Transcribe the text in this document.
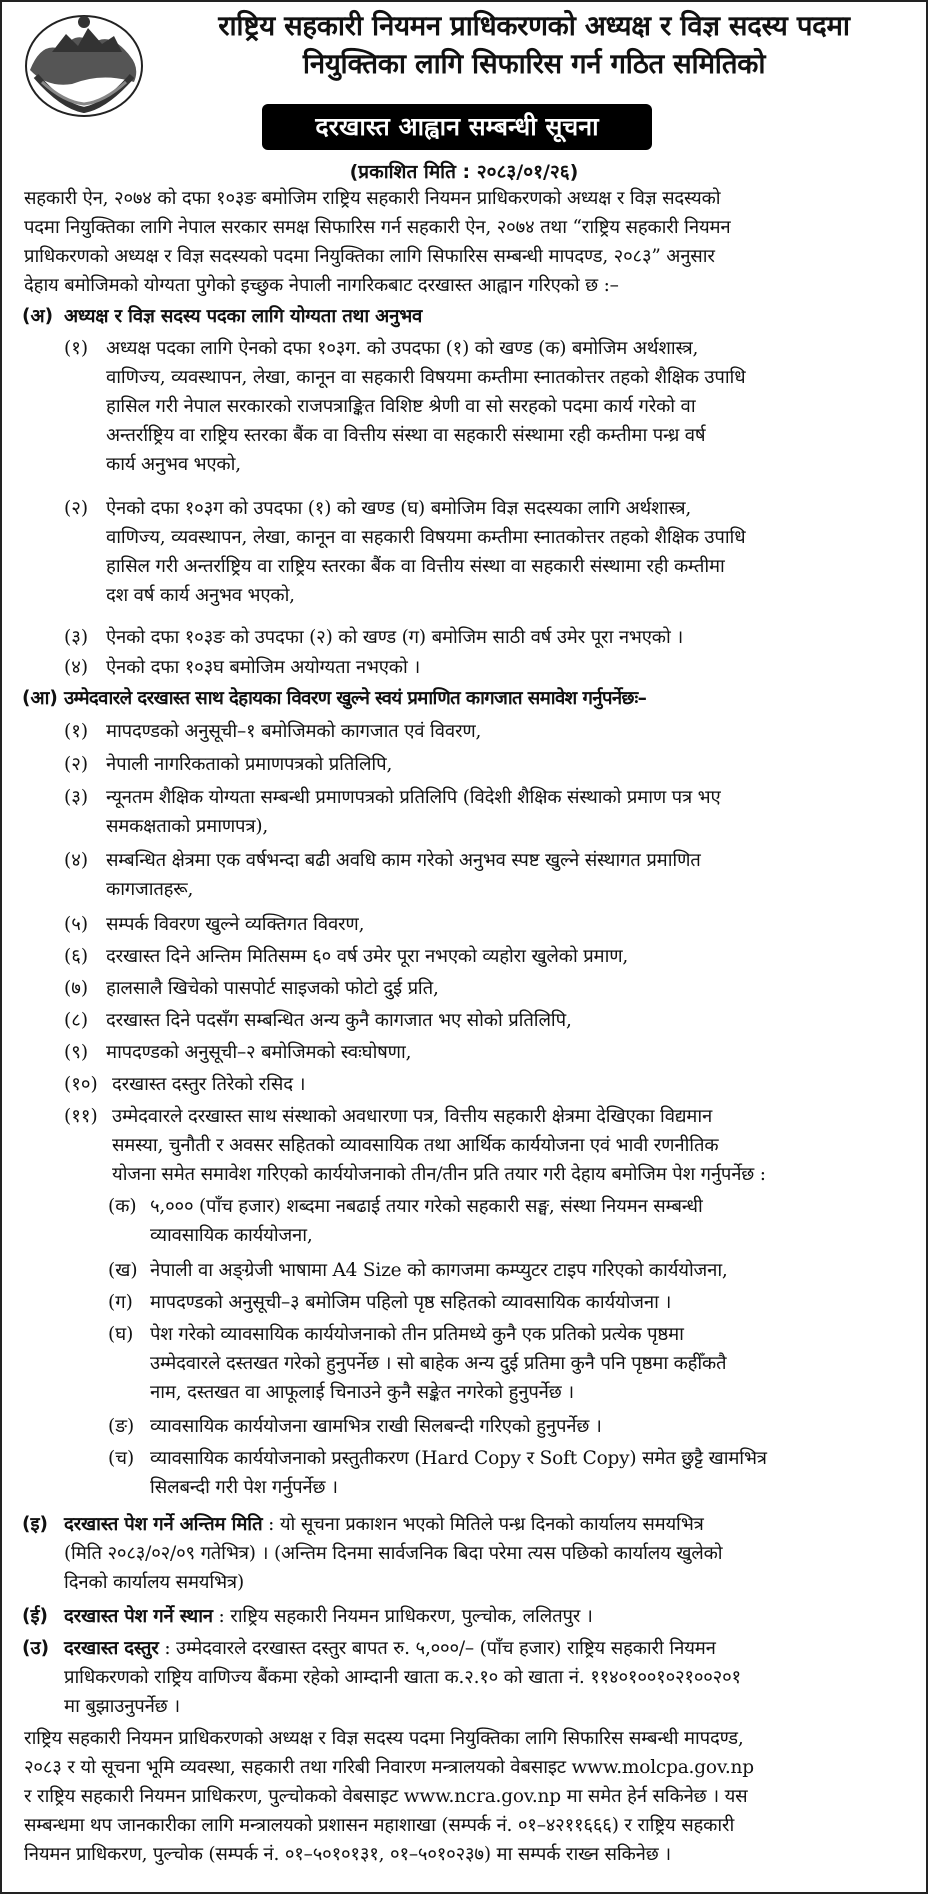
राष्ट्रिय सहकारी नियमन प्राधिकरणको अध्यक्ष र विज्ञ सदस्य पदमा
नियुक्तिका लागि सिफारिस गर्न गठित समितिको
दरखास्त आह्वान सम्बन्धी सूचना
(प्रकाशित मिति : २०८३/०१/२६)
सहकारी ऐन, २०७४ को दफा १०३ङ बमोजिम राष्ट्रिय सहकारी नियमन प्राधिकरणको अध्यक्ष र विज्ञ सदस्यको
पदमा नियुक्तिका लागि नेपाल सरकार समक्ष सिफारिस गर्न सहकारी ऐन, २०७४ तथा “राष्ट्रिय सहकारी नियमन
प्राधिकरणको अध्यक्ष र विज्ञ सदस्यको पदमा नियुक्तिका लागि सिफारिस सम्बन्धी मापदण्ड, २०८३” अनुसार
देहाय बमोजिमको योग्यता पुगेको इच्छुक नेपाली नागरिकबाट दरखास्त आह्वान गरिएको छ :–
(अ) अध्यक्ष र विज्ञ सदस्य पदका लागि योग्यता तथा अनुभव
(१) अध्यक्ष पदका लागि ऐनको दफा १०३ग. को उपदफा (१) को खण्ड (क) बमोजिम अर्थशास्त्र,
वाणिज्य, व्यवस्थापन, लेखा, कानून वा सहकारी विषयमा कम्तीमा स्नातकोत्तर तहको शैक्षिक उपाधि
हासिल गरी नेपाल सरकारको राजपत्राङ्कित विशिष्ट श्रेणी वा सो सरहको पदमा कार्य गरेको वा
अन्तर्राष्ट्रिय वा राष्ट्रिय स्तरका बैंक वा वित्तीय संस्था वा सहकारी संस्थामा रही कम्तीमा पन्ध्र वर्ष
कार्य अनुभव भएको,
(२) ऐनको दफा १०३ग को उपदफा (१) को खण्ड (घ) बमोजिम विज्ञ सदस्यका लागि अर्थशास्त्र,
वाणिज्य, व्यवस्थापन, लेखा, कानून वा सहकारी विषयमा कम्तीमा स्नातकोत्तर तहको शैक्षिक उपाधि
हासिल गरी अन्तर्राष्ट्रिय वा राष्ट्रिय स्तरका बैंक वा वित्तीय संस्था वा सहकारी संस्थामा रही कम्तीमा
दश वर्ष कार्य अनुभव भएको,
(३) ऐनको दफा १०३ङ को उपदफा (२) को खण्ड (ग) बमोजिम साठी वर्ष उमेर पूरा नभएको ।
(४) ऐनको दफा १०३घ बमोजिम अयोग्यता नभएको ।
(आ) उम्मेदवारले दरखास्त साथ देहायका विवरण खुल्ने स्वयं प्रमाणित कागजात समावेश गर्नुपर्नेछः–
(१) मापदण्डको अनुसूची–१ बमोजिमको कागजात एवं विवरण,
(२) नेपाली नागरिकताको प्रमाणपत्रको प्रतिलिपि,
(३) न्यूनतम शैक्षिक योग्यता सम्बन्धी प्रमाणपत्रको प्रतिलिपि (विदेशी शैक्षिक संस्थाको प्रमाण पत्र भए
समकक्षताको प्रमाणपत्र),
(४) सम्बन्धित क्षेत्रमा एक वर्षभन्दा बढी अवधि काम गरेको अनुभव स्पष्ट खुल्ने संस्थागत प्रमाणित
कागजातहरू,
(५) सम्पर्क विवरण खुल्ने व्यक्तिगत विवरण,
(६) दरखास्त दिने अन्तिम मितिसम्म ६० वर्ष उमेर पूरा नभएको व्यहोरा खुलेको प्रमाण,
(७) हालसालै खिचेको पासपोर्ट साइजको फोटो दुई प्रति,
(८) दरखास्त दिने पदसँग सम्बन्धित अन्य कुनै कागजात भए सोको प्रतिलिपि,
(९) मापदण्डको अनुसूची–२ बमोजिमको स्वःघोषणा,
(१०) दरखास्त दस्तुर तिरेको रसिद ।
(११) उम्मेदवारले दरखास्त साथ संस्थाको अवधारणा पत्र, वित्तीय सहकारी क्षेत्रमा देखिएका विद्यमान
समस्या, चुनौती र अवसर सहितको व्यावसायिक तथा आर्थिक कार्ययोजना एवं भावी रणनीतिक
योजना समेत समावेश गरिएको कार्ययोजनाको तीन/तीन प्रति तयार गरी देहाय बमोजिम पेश गर्नुपर्नेछ :
(क) ५,००० (पाँच हजार) शब्दमा नबढाई तयार गरेको सहकारी सङ्घ, संस्था नियमन सम्बन्धी
व्यावसायिक कार्ययोजना,
(ख) नेपाली वा अङ्ग्रेजी भाषामा A4 Size को कागजमा कम्प्युटर टाइप गरिएको कार्ययोजना,
(ग) मापदण्डको अनुसूची–३ बमोजिम पहिलो पृष्ठ सहितको व्यावसायिक कार्ययोजना ।
(घ) पेश गरेको व्यावसायिक कार्ययोजनाको तीन प्रतिमध्ये कुनै एक प्रतिको प्रत्येक पृष्ठमा
उम्मेदवारले दस्तखत गरेको हुनुपर्नेछ । सो बाहेक अन्य दुई प्रतिमा कुनै पनि पृष्ठमा कहीँकतै
नाम, दस्तखत वा आफूलाई चिनाउने कुनै सङ्केत नगरेको हुनुपर्नेछ ।
(ङ) व्यावसायिक कार्ययोजना खामभित्र राखी सिलबन्दी गरिएको हुनुपर्नेछ ।
(च) व्यावसायिक कार्ययोजनाको प्रस्तुतीकरण (Hard Copy र Soft Copy) समेत छुट्टै खामभित्र
सिलबन्दी गरी पेश गर्नुपर्नेछ ।
(इ) दरखास्त पेश गर्ने अन्तिम मिति : यो सूचना प्रकाशन भएको मितिले पन्ध्र दिनको कार्यालय समयभित्र
(मिति २०८३/०२/०९ गतेभित्र) । (अन्तिम दिनमा सार्वजनिक बिदा परेमा त्यस पछिको कार्यालय खुलेको
दिनको कार्यालय समयभित्र)
(ई) दरखास्त पेश गर्ने स्थान : राष्ट्रिय सहकारी नियमन प्राधिकरण, पुल्चोक, ललितपुर ।
(उ) दरखास्त दस्तुर : उम्मेदवारले दरखास्त दस्तुर बापत रु. ५,०००/– (पाँच हजार) राष्ट्रिय सहकारी नियमन
प्राधिकरणको राष्ट्रिय वाणिज्य बैंकमा रहेको आम्दानी खाता क.२.१० को खाता नं. ११४०१००१०२१००२०१
मा बुझाउनुपर्नेछ ।
राष्ट्रिय सहकारी नियमन प्राधिकरणको अध्यक्ष र विज्ञ सदस्य पदमा नियुक्तिका लागि सिफारिस सम्बन्धी मापदण्ड,
२०८३ र यो सूचना भूमि व्यवस्था, सहकारी तथा गरिबी निवारण मन्त्रालयको वेबसाइट www.molcpa.gov.np
र राष्ट्रिय सहकारी नियमन प्राधिकरण, पुल्चोकको वेबसाइट www.ncra.gov.np मा समेत हेर्न सकिनेछ । यस
सम्बन्धमा थप जानकारीका लागि मन्त्रालयको प्रशासन महाशाखा (सम्पर्क नं. ०१–४२११६६६) र राष्ट्रिय सहकारी
नियमन प्राधिकरण, पुल्चोक (सम्पर्क नं. ०१–५०१०१३१, ०१–५०१०२३७) मा सम्पर्क राख्न सकिनेछ ।
